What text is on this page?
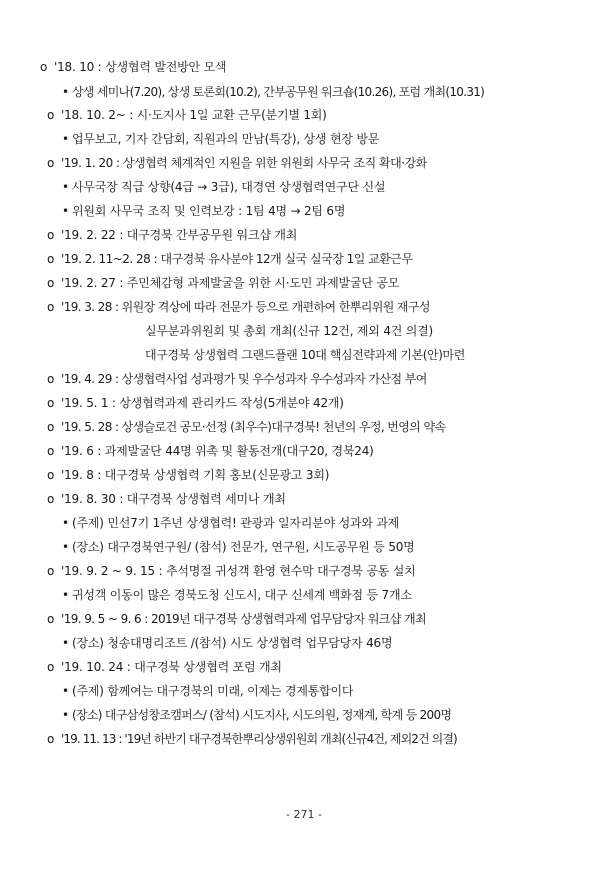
o '18. 10 : 상생협력 발전방안 모색
• 상생 세미나(7.20), 상생 토론회(10.2), 간부공무원 워크숍(10.26), 포럼 개최(10.31)
o '18. 10. 2~ : 시·도지사 1일 교환 근무(분기별 1회)
• 업무보고, 기자 간담회, 직원과의 만남(특강), 상생 현장 방문
o '19. 1. 20 : 상생협력 체계적인 지원을 위한 위원회 사무국 조직 확대·강화
• 사무국장 직급 상향(4급 → 3급), 대경연 상생협력연구단 신설
• 위원회 사무국 조직 및 인력보강 : 1팀 4명 → 2팀 6명
o '19. 2. 22 : 대구경북 간부공무원 워크샵 개최
o '19. 2. 11~2. 28 : 대구경북 유사분야 12개 실국 실국장 1일 교환근무
o '19. 2. 27 : 주민체감형 과제발굴을 위한 시·도민 과제발굴단 공모
o '19. 3. 28 : 위원장 격상에 따라 전문가 등으로 개편하여 한뿌리위원 재구성
실무분과위원회 및 총회 개최(신규 12건, 제외 4건 의결)
대구경북 상생협력 그랜드플랜 10대 핵심전략과제 기본(안)마련
o '19. 4. 29 : 상생협력사업 성과평가 및 우수성과자 우수성과자 가산점 부여
o '19. 5. 1 : 상생협력과제 관리카드 작성(5개분야 42개)
o '19. 5. 28 : 상생슬로건 공모·선정 (최우수)대구경북! 천년의 우정, 번영의 약속
o '19. 6 : 과제발굴단 44명 위촉 및 활동전개(대구20, 경북24)
o '19. 8 : 대구경북 상생협력 기획 홍보(신문광고 3회)
o '19. 8. 30 : 대구경북 상생협력 세미나 개최
• (주제) 민선7기 1주년 상생협력! 관광과 일자리분야 성과와 과제
• (장소) 대구경북연구원/ (참석) 전문가, 연구원, 시도공무원 등 50명
o '19. 9. 2 ~ 9. 15 : 추석명절 귀성객 환영 현수막 대구경북 공동 설치
• 귀성객 이동이 많은 경북도청 신도시, 대구 신세계 백화점 등 7개소
o '19. 9. 5 ~ 9. 6 : 2019년 대구경북 상생협력과제 업무담당자 워크샵 개최
• (장소) 청송대명리조트 /(참석) 시도 상생협력 업무담당자 46명
o '19. 10. 24 : 대구경북 상생협력 포럼 개최
• (주제) 함께여는 대구경북의 미래, 이제는 경제통합이다
• (장소) 대구삼성창조캠퍼스/ (참석) 시도지사, 시도의원, 정재계, 학계 등 200명
o '19. 11. 13 : '19년 하반기 대구경북한뿌리상생위원회 개최(신규4건, 제외2건 의결)
- 271 -
